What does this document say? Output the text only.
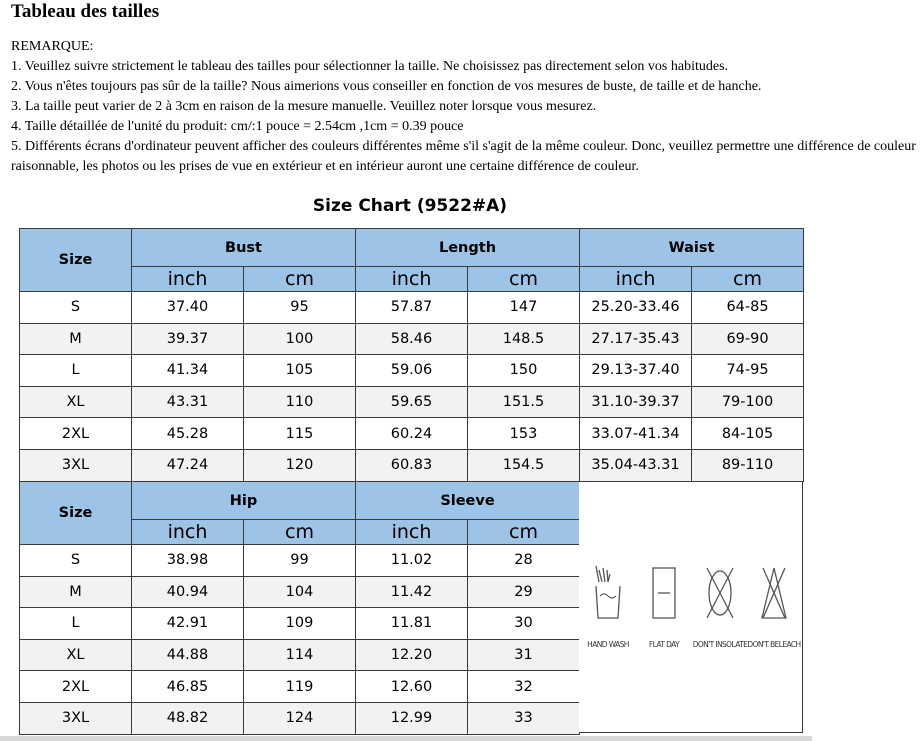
Tableau des tailles

REMARQUE:

1. Veuillez suivre strictement le tableau des tailles pour sélectionner la taille. Ne choisissez pas directement selon vos habitudes.

2. Vous n'êtes toujours pas sûr de la taille? Nous aimerions vous conseiller en fonction de vos mesures de buste, de taille et de hanche.

3. La taille peut varier de 2 à 3cm en raison de la mesure manuelle. Veuillez noter lorsque vous mesurez.

4. Taille détaillée de l'unité du produit: cm/:1 pouce = 2.54cm ,1cm = 0.39 pouce

5. Différents écrans d'ordinateur peuvent afficher des couleurs différentes même s'il s'agit de la même couleur. Donc, veuillez permettre une différence de couleur raisonnable, les photos ou les prises de vue en extérieur et en intérieur auront une certaine différence de couleur.

Size Chart (9522#A)
Size	Bust		Length		Waist	
	inch	cm	inch	cm	inch	cm
S	37.40	95	57.87	147	25.20-33.46	64-85
M	39.37	100	58.46	148.5	27.17-35.43	69-90
L	41.34	105	59.06	150	29.13-37.40	74-95
XL	43.31	110	59.65	151.5	31.10-39.37	79-100
2XL	45.28	115	60.24	153	33.07-41.34	84-105
3XL	47.24	120	60.83	154.5	35.04-43.31	89-110
Size	Hip		Sleeve	
	inch	cm	inch	cm
S	38.98	99	11.02	28
M	40.94	104	11.42	29
L	42.91	109	11.81	30
XL	44.88	114	12.20	31
2XL	46.85	119	12.60	32
3XL	48.82	124	12.99	33
HAND WASH	FLAT DAY	DON'T INSOLATE DON'T BELEACH
